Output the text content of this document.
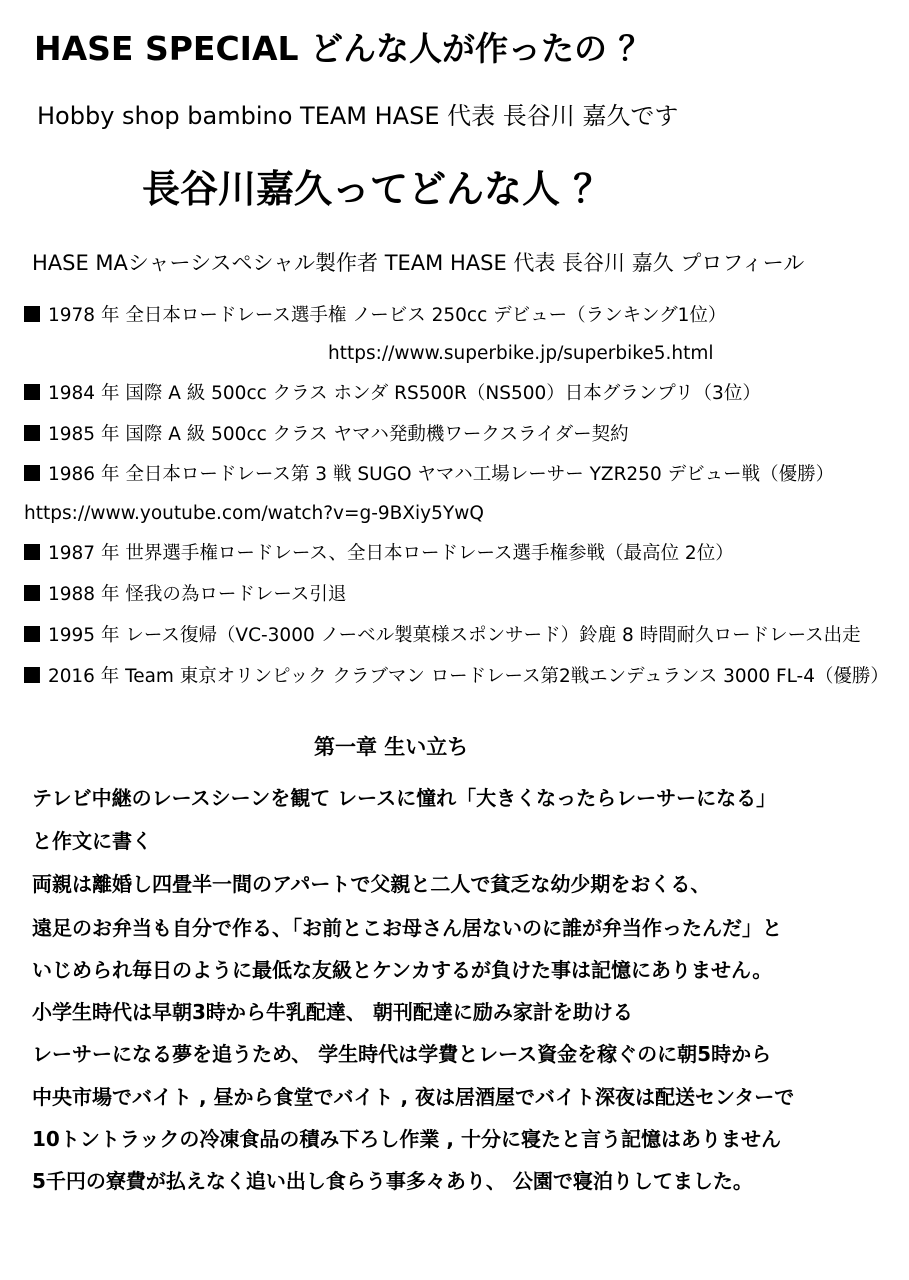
HASE SPECIAL どんな人が作ったの ？
Hobby shop bambino TEAM HASE 代表 長谷川 嘉久です
長谷川嘉久ってどんな人 ？
HASE MAシャーシスペシャル製作者 TEAM HASE 代表 長谷川 嘉久 プロフィール
1978 年 全日本ロードレース選手権 ノービス 250cc デビュー（ランキング1位）
https://www.superbike.jp/superbike5.html
1984 年 国際 A 級 500cc クラス ホンダ RS500R（NS500）日本グランプリ（3位）
1985 年 国際 A 級 500cc クラス ヤマハ発動機ワークスライダー契約
1986 年 全日本ロードレース第 3 戦 SUGO ヤマハ工場レーサー YZR250 デビュー戦（優勝）
https://www.youtube.com/watch?v=g-9BXiy5YwQ
1987 年 世界選手権ロードレース、全日本ロードレース選手権参戦（最高位 2位）
1988 年 怪我の為ロードレース引退
1995 年 レース復帰（VC-3000 ノーベル製菓様スポンサード）鈴鹿 8 時間耐久ロードレース出走
2016 年 Team 東京オリンピック クラブマン ロードレース第2戦エンデュランス 3000 FL-4（優勝）
第一章 生い立ち
テレビ中継のレースシーンを観て レースに憧れ「大きくなったらレーサーになる」
と作文に書く
両親は離婚し四畳半一間のアパートで父親と二人で貧乏な幼少期をおくる、
遠足のお弁当も自分で作る、「お前とこお母さん居ないのに誰が弁当作ったんだ」と
いじめられ毎日のように最低な友級とケンカするが負けた事は記憶にありません。
小学生時代は早朝3時から牛乳配達、 朝刊配達に励み家計を助ける
レーサーになる夢を追うため、 学生時代は学費とレース資金を稼ぐのに朝5時から
中央市場でバイト , 昼から食堂でバイト , 夜は居酒屋でバイト深夜は配送センターで
10トントラックの冷凍食品の積み下ろし作業 , 十分に寝たと言う記憶はありません
5千円の寮費が払えなく追い出し食らう事多々あり、 公園で寝泊りしてました。
